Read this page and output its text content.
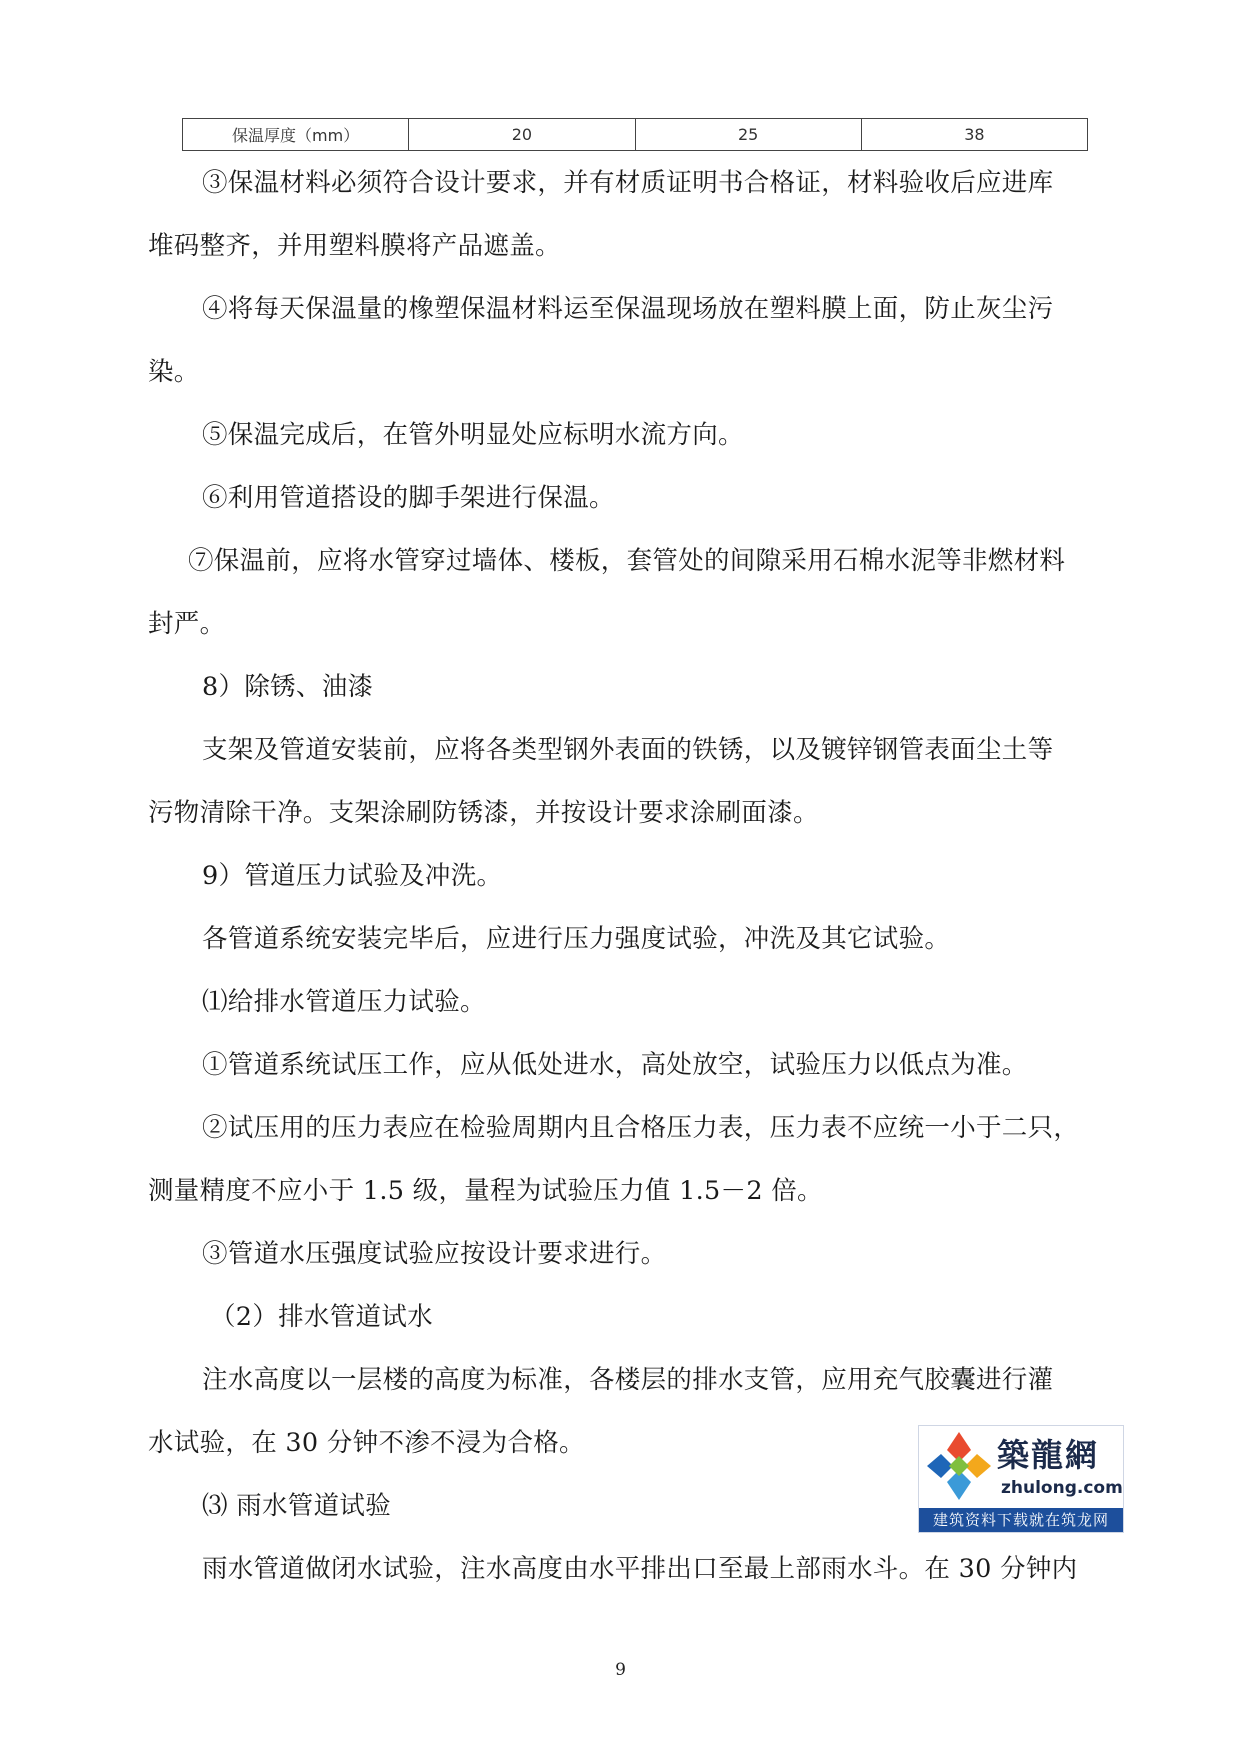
保温厚度（mm）	20	25	38
③保温材料必须符合设计要求，并有材质证明书合格证，材料验收后应进库
堆码整齐，并用塑料膜将产品遮盖。
④将每天保温量的橡塑保温材料运至保温现场放在塑料膜上面，防止灰尘污
染。
⑤保温完成后，在管外明显处应标明水流方向。
⑥利用管道搭设的脚手架进行保温。
⑦保温前，应将水管穿过墙体、楼板，套管处的间隙采用石棉水泥等非燃材料
封严。
8）除锈、油漆
支架及管道安装前，应将各类型钢外表面的铁锈，以及镀锌钢管表面尘土等
污物清除干净。支架涂刷防锈漆，并按设计要求涂刷面漆。
9）管道压力试验及冲洗。
各管道系统安装完毕后，应进行压力强度试验，冲洗及其它试验。
⑴给排水管道压力试验。
①管道系统试压工作，应从低处进水，高处放空，试验压力以低点为准。
②试压用的压力表应在检验周期内且合格压力表，压力表不应统一小于二只，
测量精度不应小于 1.5 级，量程为试验压力值 1.5－2 倍。
③管道水压强度试验应按设计要求进行。
（2）排水管道试水
注水高度以一层楼的高度为标准，各楼层的排水支管，应用充气胶囊进行灌
水试验，在 30 分钟不渗不浸为合格。
⑶ 雨水管道试验
雨水管道做闭水试验，注水高度由水平排出口至最上部雨水斗。在 30 分钟内
築龍網
zhulong.com
建筑资料下载就在筑龙网
9
